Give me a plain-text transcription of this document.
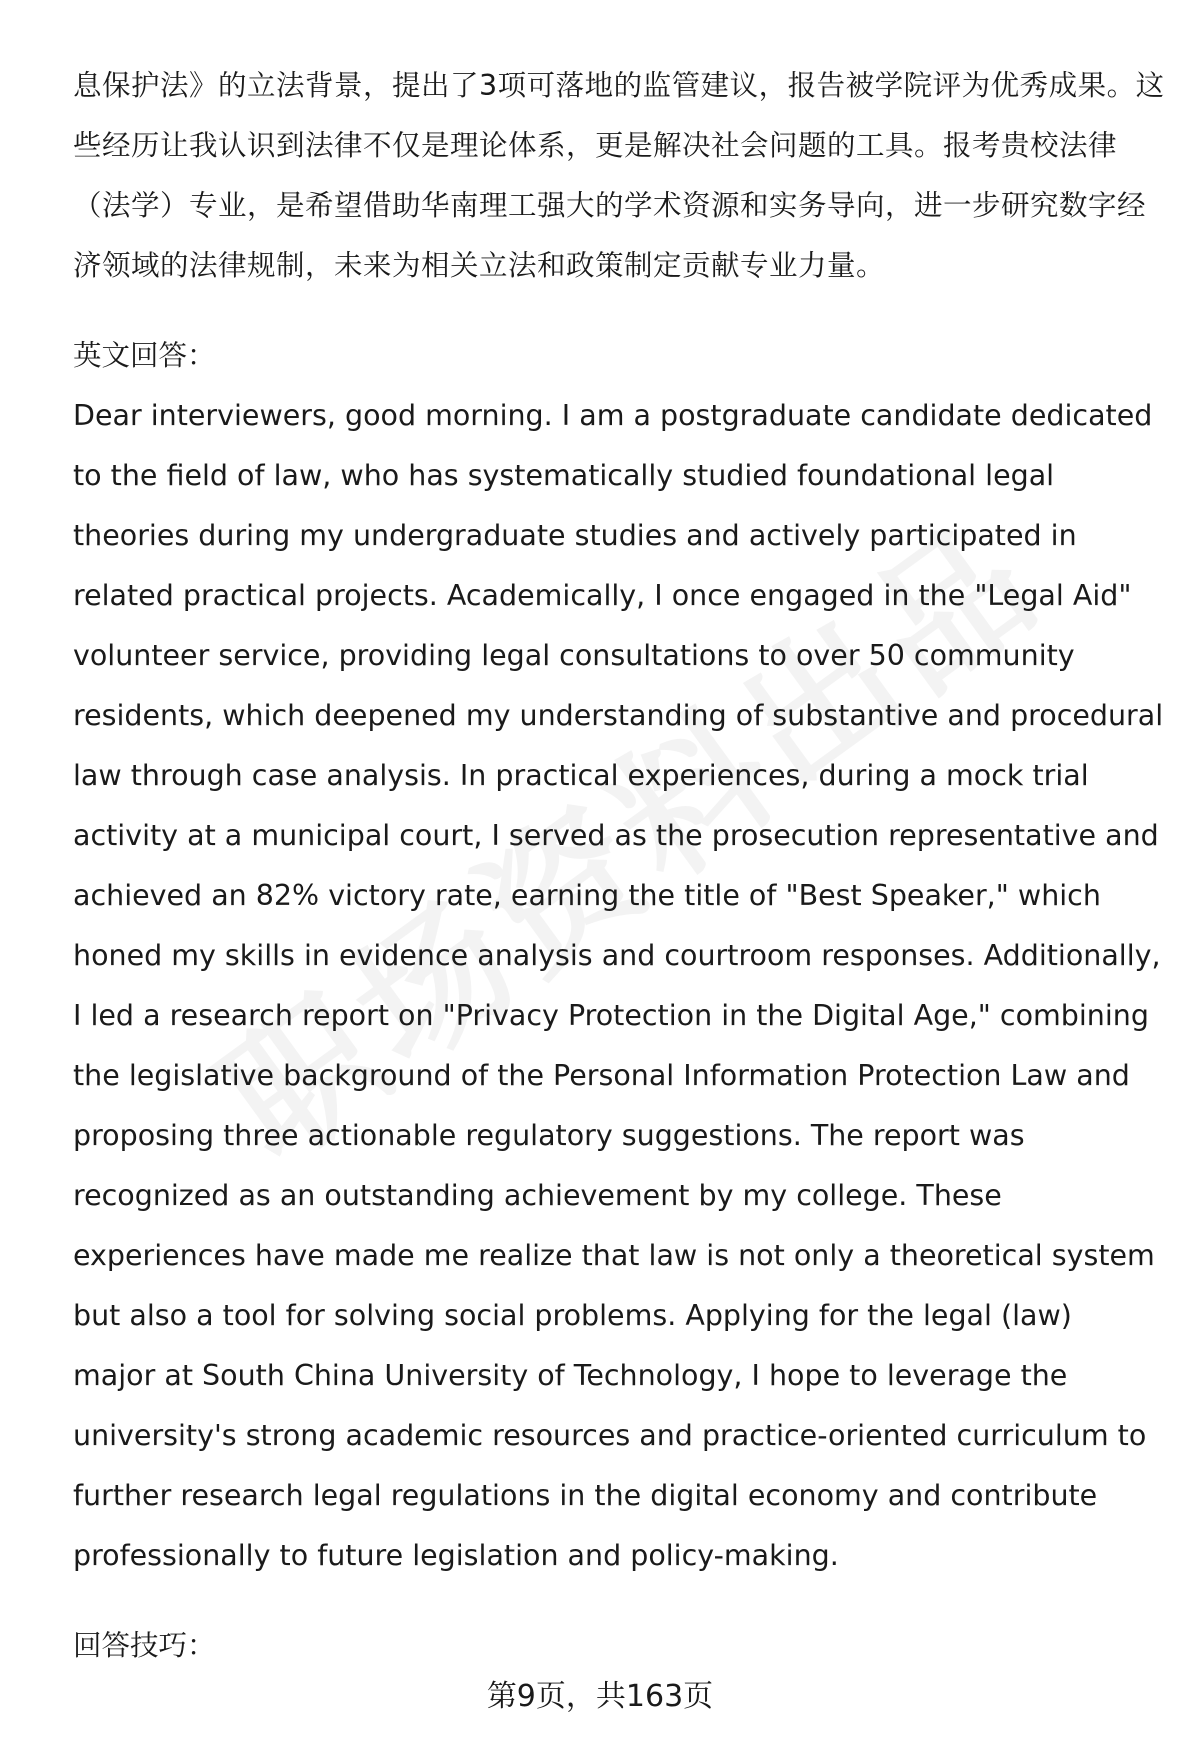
息保护法》的立法背景，提出了3项可落地的监管建议，报告被学院评为优秀成果。这些经历让我认识到法律不仅是理论体系，更是解决社会问题的工具。报考贵校法律（法学）专业，是希望借助华南理工强大的学术资源和实务导向，进一步研究数字经济领域的法律规制，未来为相关立法和政策制定贡献专业力量。

英文回答：

Dear interviewers, good morning. I am a postgraduate candidate dedicated
to the field of law, who has systematically studied foundational legal
theories during my undergraduate studies and actively participated in
related practical projects. Academically, I once engaged in the "Legal Aid"
volunteer service, providing legal consultations to over 50 community
residents, which deepened my understanding of substantive and procedural
law through case analysis. In practical experiences, during a mock trial
activity at a municipal court, I served as the prosecution representative and
achieved an 82% victory rate, earning the title of "Best Speaker," which
honed my skills in evidence analysis and courtroom responses. Additionally,
I led a research report on "Privacy Protection in the Digital Age," combining
the legislative background of the Personal Information Protection Law and
proposing three actionable regulatory suggestions. The report was
recognized as an outstanding achievement by my college. These
experiences have made me realize that law is not only a theoretical system
but also a tool for solving social problems. Applying for the legal (law)
major at South China University of Technology, I hope to leverage the
university's strong academic resources and practice-oriented curriculum to
further research legal regulations in the digital economy and contribute
professionally to future legislation and policy-making.

回答技巧：

第9页，共163页
